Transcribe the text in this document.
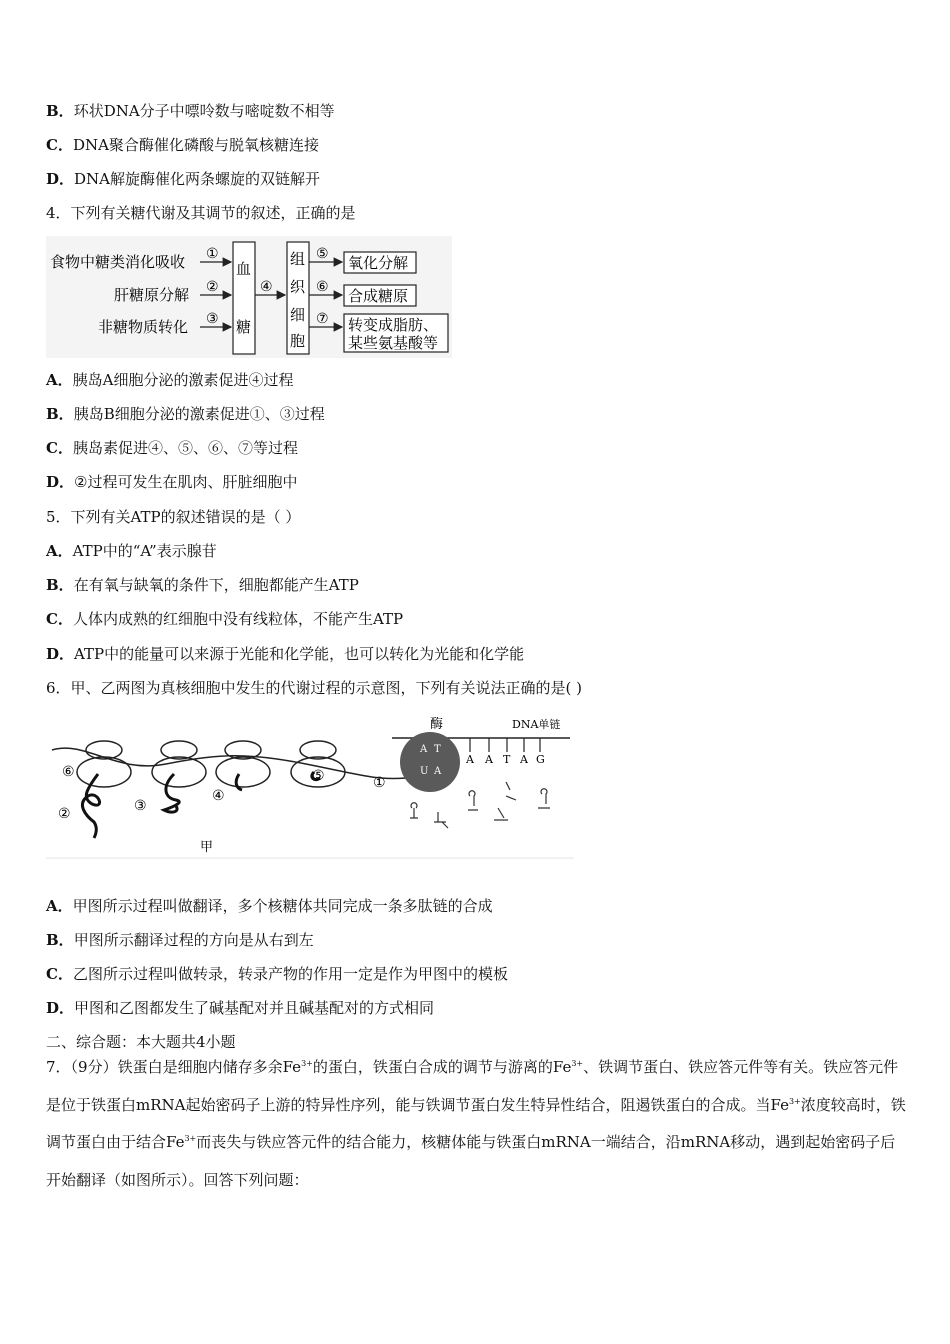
B．环状DNA分子中嘌呤数与嘧啶数不相等
C．DNA聚合酶催化磷酸与脱氧核糖连接
D．DNA解旋酶催化两条螺旋的双链解开
4．下列有关糖代谢及其调节的叙述，正确的是
食物中糖类消化吸收
肝糖原分解
非糖物质转化
①
②
③
血
糖
④
组
织
细
胞
⑤
⑥
⑦
氧化分解
合成糖原
转变成脂肪、
某些氨基酸等
A．胰岛A细胞分泌的激素促进④过程
B．胰岛B细胞分泌的激素促进①、③过程
C．胰岛素促进④、⑤、⑥、⑦等过程
D．②过程可发生在肌肉、肝脏细胞中
5．下列有关ATP的叙述错误的是（ ）
A．ATP中的“A”表示腺苷
B．在有氧与缺氧的条件下，细胞都能产生ATP
C．人体内成熟的红细胞中没有线粒体，不能产生ATP
D．ATP中的能量可以来源于光能和化学能，也可以转化为光能和化学能
6．甲、乙两图为真核细胞中发生的代谢过程的示意图，下列有关说法正确的是( )
⑥
②	③
④
⑤	①
甲
酶	DNA单链
A
U
T
A
A A T A G
A．甲图所示过程叫做翻译，多个核糖体共同完成一条多肽链的合成
B．甲图所示翻译过程的方向是从右到左
C．乙图所示过程叫做转录，转录产物的作用一定是作为甲图中的模板
D．甲图和乙图都发生了碱基配对并且碱基配对的方式相同
二、综合题：本大题共4小题
7．（9分）铁蛋白是细胞内储存多余$Fe^{3+}$的蛋白，铁蛋白合成的调节与游离的$Fe^{3+}$、铁调节蛋白、铁应答元件等有关。铁应答元件是位于铁蛋白mRNA起始密码子上游的特异性序列，能与铁调节蛋白发生特异性结合，阻遏铁蛋白的合成。当$Fe^{3+}$浓度较高时，铁调节蛋白由于结合$Fe^{3+}$而丧失与铁应答元件的结合能力，核糖体能与铁蛋白mRNA一端结合，沿mRNA移动，遇到起始密码子后开始翻译（如图所示）。回答下列问题：
